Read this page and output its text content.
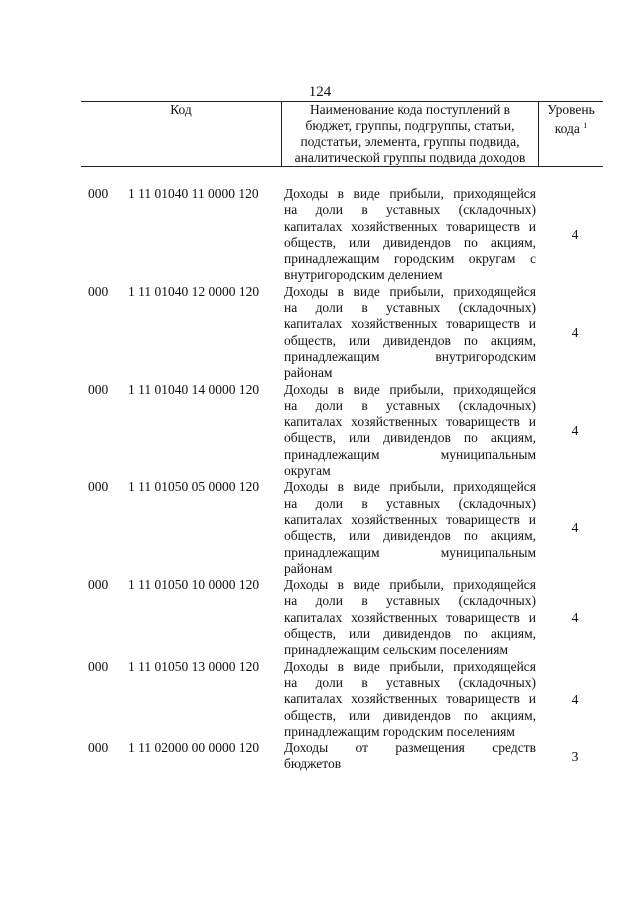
124
Код	Наименование кода поступлений в
бюджет, группы, подгруппы, статьи,
подстатьи, элемента, группы подвида,
аналитической группы подвида доходов
Уровень
кода $^1$
000	1 11 01040 11 0000 120	Доходы в виде прибыли, приходящейся
на доли в уставных (складочных)
капиталах хозяйственных товариществ и
обществ, или дивидендов по акциям,
принадлежащим городским округам с
внутригородским делением
4
000	1 11 01040 12 0000 120	Доходы в виде прибыли, приходящейся
на доли в уставных (складочных)
капиталах хозяйственных товариществ и
обществ, или дивидендов по акциям,
принадлежащим внутригородским
районам
4
000	1 11 01040 14 0000 120	Доходы в виде прибыли, приходящейся
на доли в уставных (складочных)
капиталах хозяйственных товариществ и
обществ, или дивидендов по акциям,
принадлежащим муниципальным
округам
4
000	1 11 01050 05 0000 120	Доходы в виде прибыли, приходящейся
на доли в уставных (складочных)
капиталах хозяйственных товариществ и
обществ, или дивидендов по акциям,
принадлежащим муниципальным
районам
4
000	1 11 01050 10 0000 120	Доходы в виде прибыли, приходящейся
на доли в уставных (складочных)
капиталах хозяйственных товариществ и
обществ, или дивидендов по акциям,
принадлежащим сельским поселениям
4
000	1 11 01050 13 0000 120	Доходы в виде прибыли, приходящейся
на доли в уставных (складочных)
капиталах хозяйственных товариществ и
обществ, или дивидендов по акциям,
принадлежащим городским поселениям
4
000	1 11 02000 00 0000 120	Доходы от размещения средств
бюджетов	3
